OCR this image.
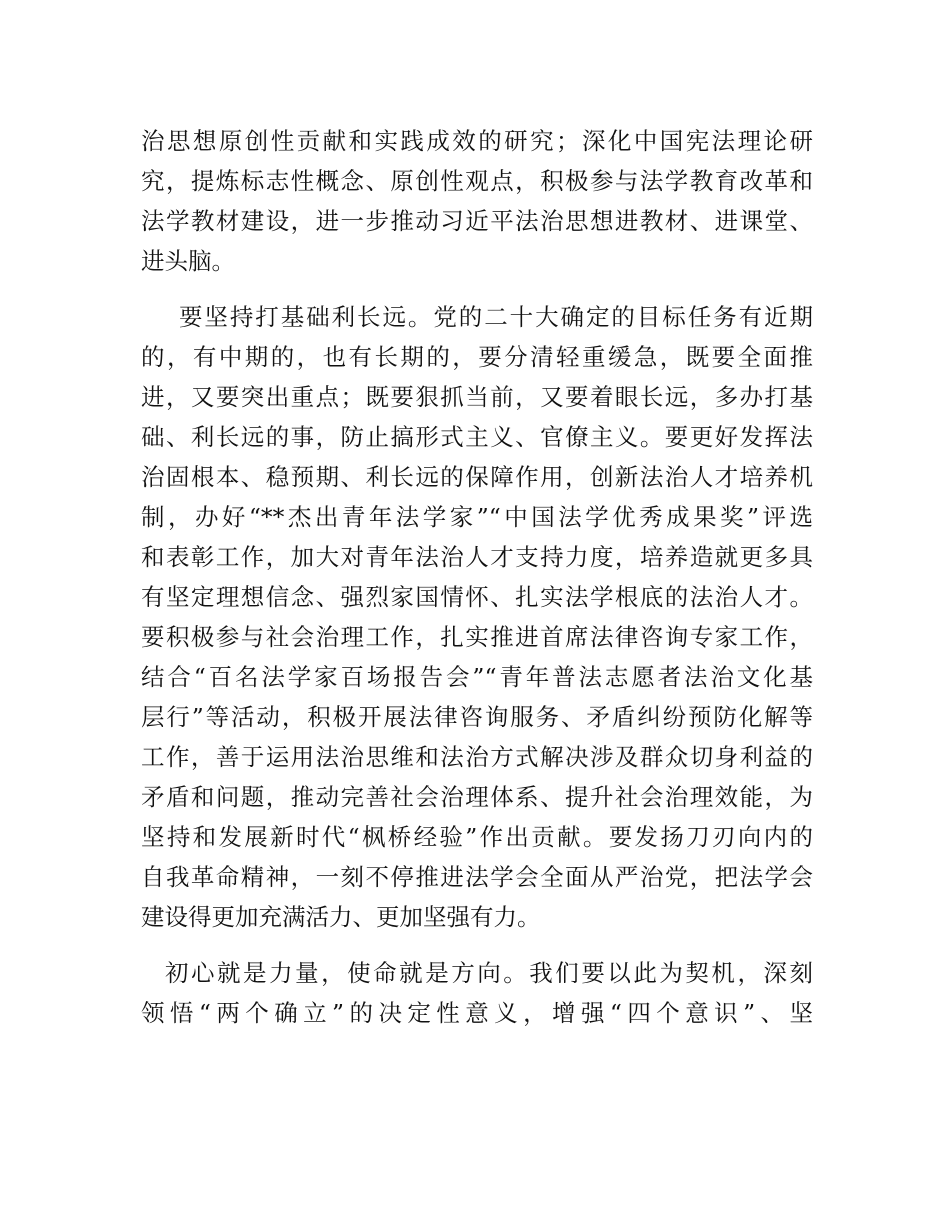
治思想原创性贡献和实践成效的研究；深化中国宪法理论研
究，提炼标志性概念、原创性观点，积极参与法学教育改革和
法学教材建设，进一步推动习近平法治思想进教材、进课堂、
进头脑。
要坚持打基础利长远。党的二十大确定的目标任务有近期
的，有中期的，也有长期的，要分清轻重缓急，既要全面推
进，又要突出重点；既要狠抓当前，又要着眼长远，多办打基
础、利长远的事，防止搞形式主义、官僚主义。要更好发挥法
治固根本、稳预期、利长远的保障作用，创新法治人才培养机
制，办好“**杰出青年法学家”“中国法学优秀成果奖”评选
和表彰工作，加大对青年法治人才支持力度，培养造就更多具
有坚定理想信念、强烈家国情怀、扎实法学根底的法治人才。
要积极参与社会治理工作，扎实推进首席法律咨询专家工作，
结合“百名法学家百场报告会”“青年普法志愿者法治文化基
层行”等活动，积极开展法律咨询服务、矛盾纠纷预防化解等
工作，善于运用法治思维和法治方式解决涉及群众切身利益的
矛盾和问题，推动完善社会治理体系、提升社会治理效能，为
坚持和发展新时代“枫桥经验”作出贡献。要发扬刀刃向内的
自我革命精神，一刻不停推进法学会全面从严治党，把法学会
建设得更加充满活力、更加坚强有力。
初心就是力量，使命就是方向。我们要以此为契机，深刻
领悟“两个确立”的决定性意义，增强“四个意识”、坚
